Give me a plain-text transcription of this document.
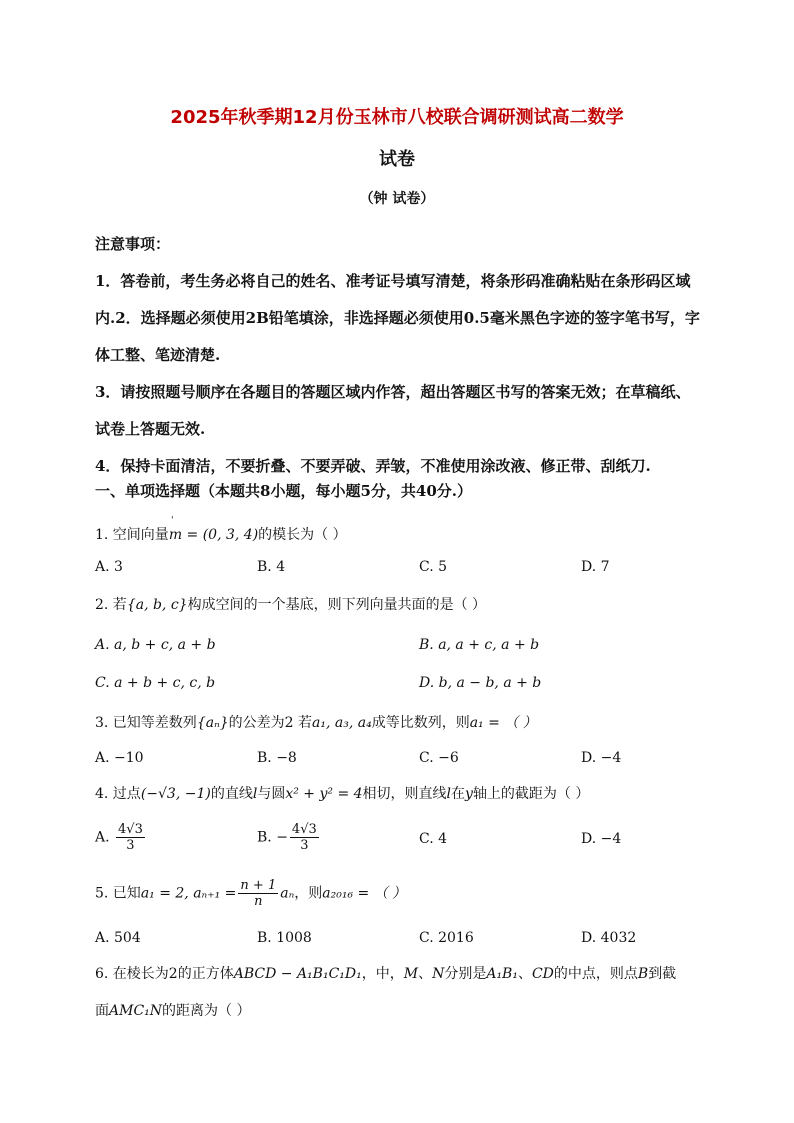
2025年秋季期12月份玉林市八校联合调研测试高二数学
试卷
（钟 试卷）

注意事项：

1．答卷前，考生务必将自己的姓名、准考证号填写清楚，将条形码准确粘贴在条形码区域内.2．选择题必须使用2B铅笔填涂，非选择题必须使用0.5毫米黑色字迹的签字笔书写，字体工整、笔迹清楚.

3．请按照题号顺序在各题目的答题区域内作答，超出答题区书写的答案无效；在草稿纸、试卷上答题无效.

4．保持卡面清洁，不要折叠、不要弄破、弄皱，不准使用涂改液、修正带、刮纸刀.

一、单项选择题（本题共8小题，每小题5分，共40分.）
1. 空间向量ˈ m = (0, 3, 4)的模长为（ ）
A. 3	B. 4	C. 5	D. 7
2. 若{a, b, c}构成空间的一个基底，则下列向量共面的是（ ）
A. a, b + c, a + b	B. a, a + c, a + b
C. a + b + c, c, b	D. b, a − b, a + b
3. 已知等差数列{aₙ}的公差为2 若a₁, a₃, a₄成等比数列，则a₁ = （ ）
A. −10	B. −8	C. −6	D. −4
4. 过点(−√3, −1)的直线l与圆x² + y² = 4相切，则直线l在y轴上的截距为（ ）
A. $\frac{4√3}{3}$	B. − $\frac{4√3}{3}$	C. 4	D. −4
5. 已知a₁ = 2, $a_{n+1} = \frac{n + 1}{n}$ aₙ，则a₂₀₁₆ = （ ）
A. 504	B. 1008	C. 2016	D. 4032
6. 在棱长为2的正方体ABCD − A₁B₁C₁D₁，中，M、N分别是A₁B₁、CD的中点，则点B到截
面AMC₁N的距离为（ ）
